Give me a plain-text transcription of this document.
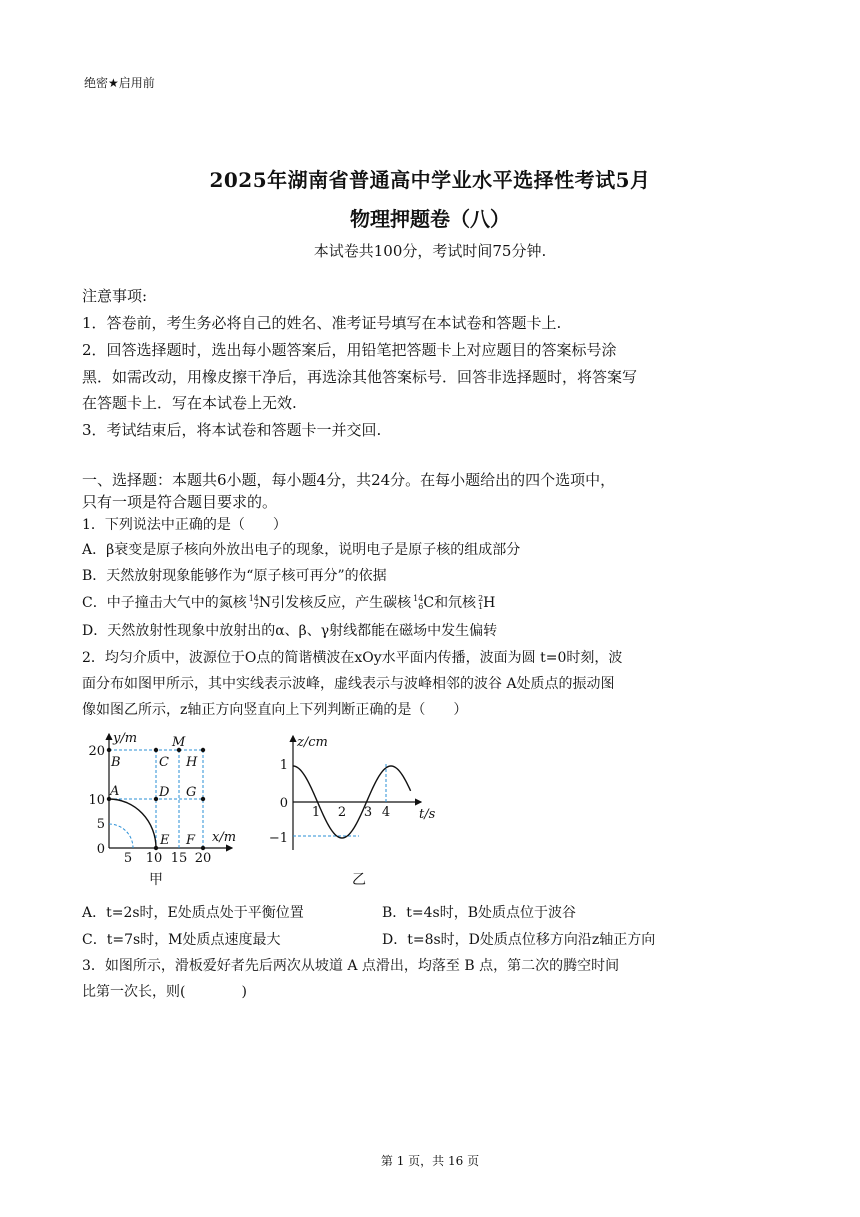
绝密★启用前
2025年湖南省普通高中学业水平选择性考试5月
物理押题卷（八）
本试卷共100分，考试时间75分钟.
注意事项:
1．答卷前，考生务必将自己的姓名、准考证号填写在本试卷和答题卡上.
2．回答选择题时，选出每小题答案后，用铅笔把答题卡上对应题目的答案标号涂
黑．如需改动，用橡皮擦干净后，再选涂其他答案标号．回答非选择题时，将答案写
在答题卡上．写在本试卷上无效.
3．考试结束后，将本试卷和答题卡一并交回.
一、选择题：本题共6小题，每小题4分，共24分。在每小题给出的四个选项中，
只有一项是符合题目要求的。
1．下列说法中正确的是（　　）
A．β衰变是原子核向外放出电子的现象，说明电子是原子核的组成部分
B．天然放射现象能够作为“原子核可再分”的依据
C．中子撞击大气中的氮核 14
7 N引发核反应，产生碳核 14
6 C和氘核 2
1 H
D．天然放射性现象中放射出的α、β、γ射线都能在磁场中发生偏转
2．均匀介质中，波源位于O点的简谐横波在xOy水平面内传播，波面为圆 t=0时刻，波
面分布如图甲所示，其中实线表示波峰，虚线表示与波峰相邻的波谷 A处质点的振动图
像如图乙所示，z轴正方向竖直向上下列判断正确的是（　　）
y/m
x/m
M
B	C H
A	D G
E F
20
10
5
0
5 10 15 20
甲
z/cm
t/s
1
0
−1
1 2 3 4
乙
A．t=2s时，E处质点处于平衡位置	B．t=4s时，B处质点位于波谷
C．t=7s时，M处质点速度最大	D．t=8s时，D处质点位移方向沿z轴正方向
3．如图所示，滑板爱好者先后两次从坡道 A 点滑出，均落至 B 点，第二次的腾空时间
比第一次长，则(　　　　)
第 1 页，共 16 页
